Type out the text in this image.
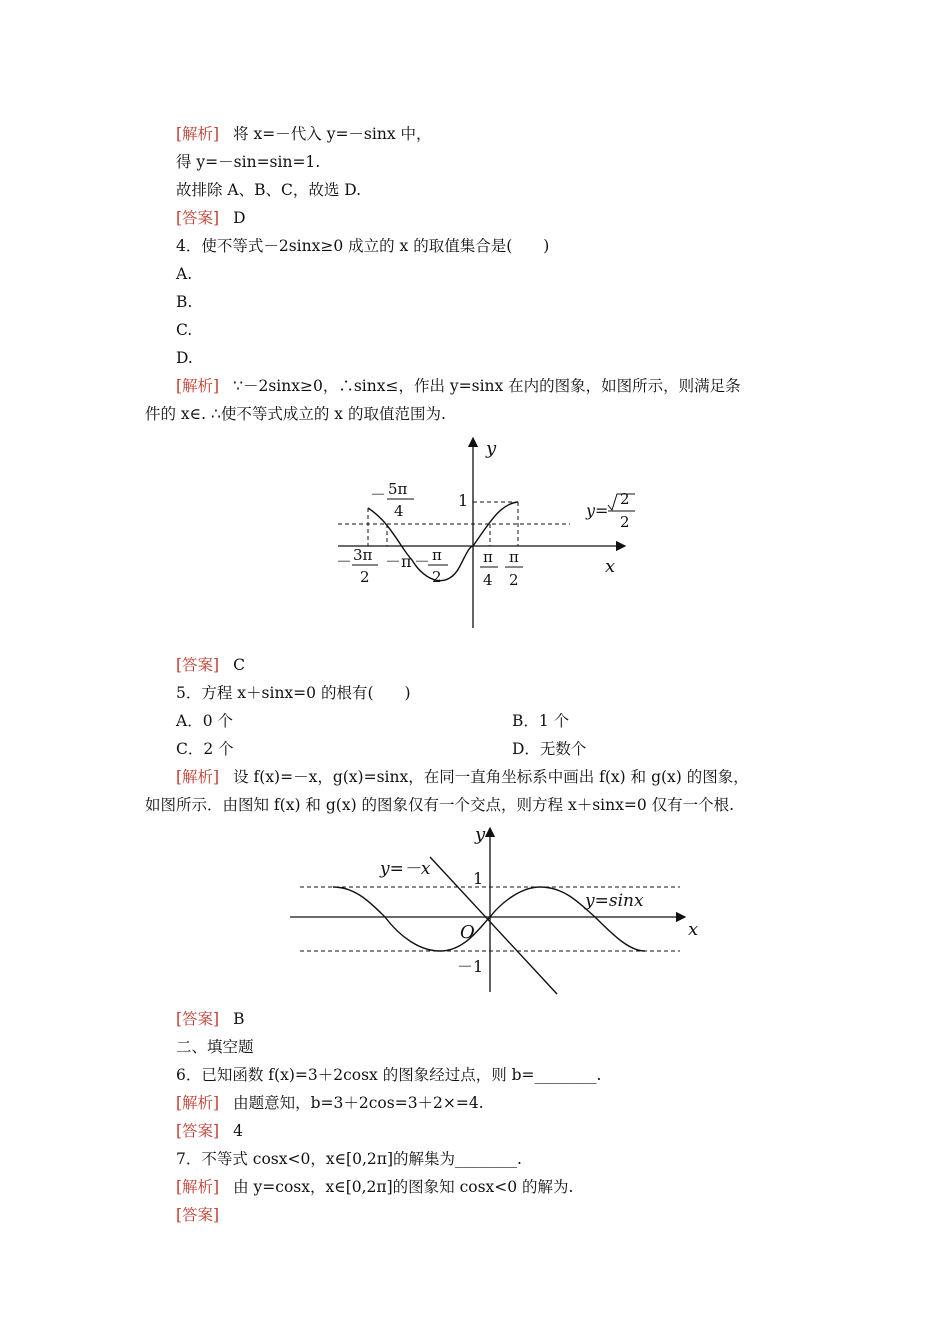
[解析] 将 x=－代入 y=－sinx 中，
得 y=－sin=sin=1.
故排除 A、B、C，故选 D.
[答案] D
4．使不等式－2sinx≥0 成立的 x 的取值集合是(　　)
A.
B.
C.
D.
[解析] ∵－2sinx≥0，∴sinx≤，作出 y=sinx 在内的图象，如图所示，则满足条
件的 x∈. ∴使不等式成立的 x 的取值范围为.
y
x
1
－ 5π
4
－ 3π
2
－π － π
2
π
4
π
2
y=
2
2
[答案] C
5．方程 x＋sinx=0 的根有(　　)
A．0 个	B．1 个
C．2 个	D．无数个
[解析] 设 f(x)=－x，g(x)=sinx，在同一直角坐标系中画出 f(x) 和 g(x) 的图象，
如图所示．由图知 f(x) 和 g(x) 的图象仅有一个交点，则方程 x＋sinx=0 仅有一个根.
y
x
1
－1
O
y=－x
y=sinx
[答案] B
二、填空题
6．已知函数 f(x)=3＋2cosx 的图象经过点，则 b=________.
[解析] 由题意知，b=3＋2cos=3＋2×=4.
[答案] 4
7．不等式 cosx<0，x∈[0,2π]的解集为________.
[解析] 由 y=cosx，x∈[0,2π]的图象知 cosx<0 的解为.
[答案]
